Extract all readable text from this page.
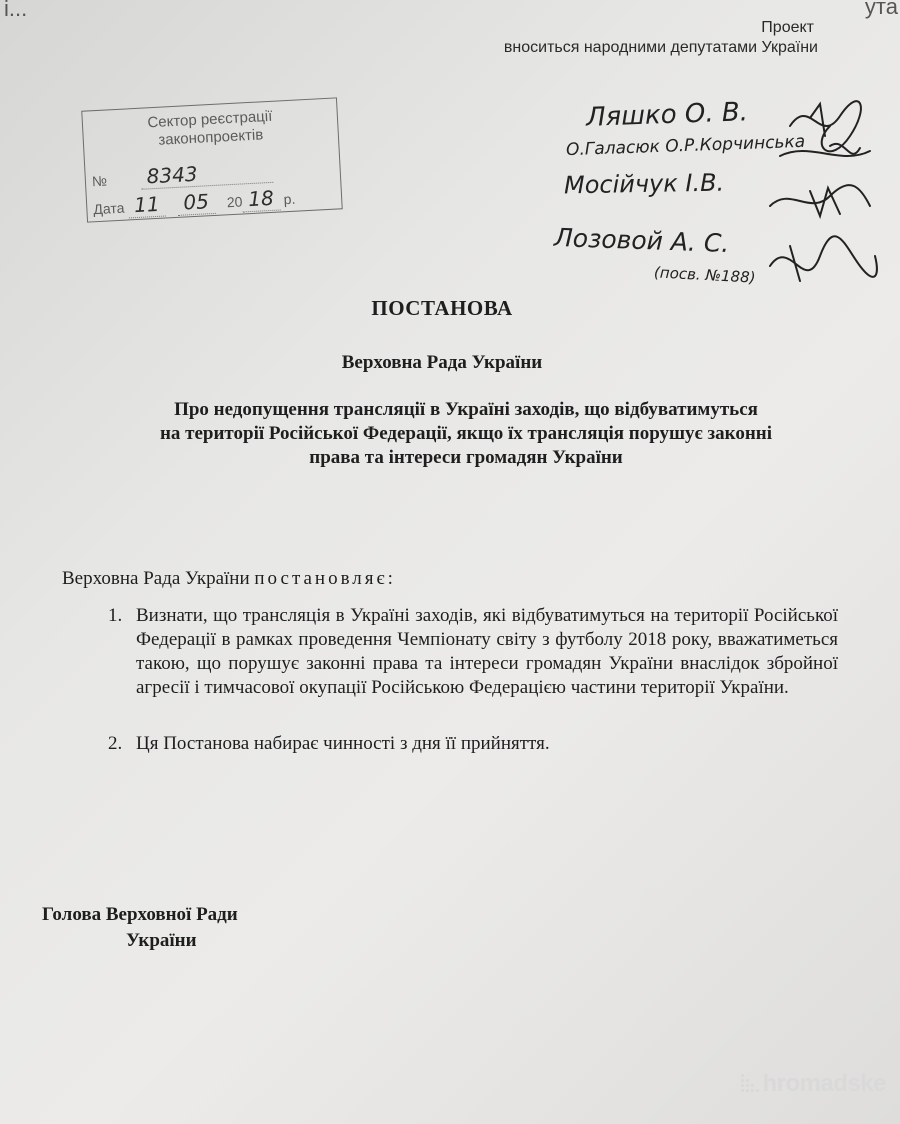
і...	ута
Проект
вноситься народними депутатами України
Сектор реєстрації
законопроектів
№ 8343
Дата 11 05 20 18 р.
Ляшко О. В.
О.Галасюк О.Р.Корчинська
Мосійчук І.В.
Лозовой А. С.
(посв. №188)
ПОСТАНОВА
Верховна Рада України
Про недопущення трансляції в Україні заходів, що відбуватимуться
на території Російської Федерації, якщо їх трансляція порушує законні
права та інтереси громадян України
Верховна Рада України постановляє:
1. Визнати, що трансляція в Україні заходів, які відбуватимуться на території Російської Федерації в рамках проведення Чемпіонату світу з футболу 2018 року, вважатиметься такою, що порушує законні права та інтереси громадян України внаслідок збройної агресії і тимчасової окупації Російською Федерацією частини території України.
2. Ця Постанова набирає чинності з дня її прийняття.
Голова Верховної Ради
України
hromadske
